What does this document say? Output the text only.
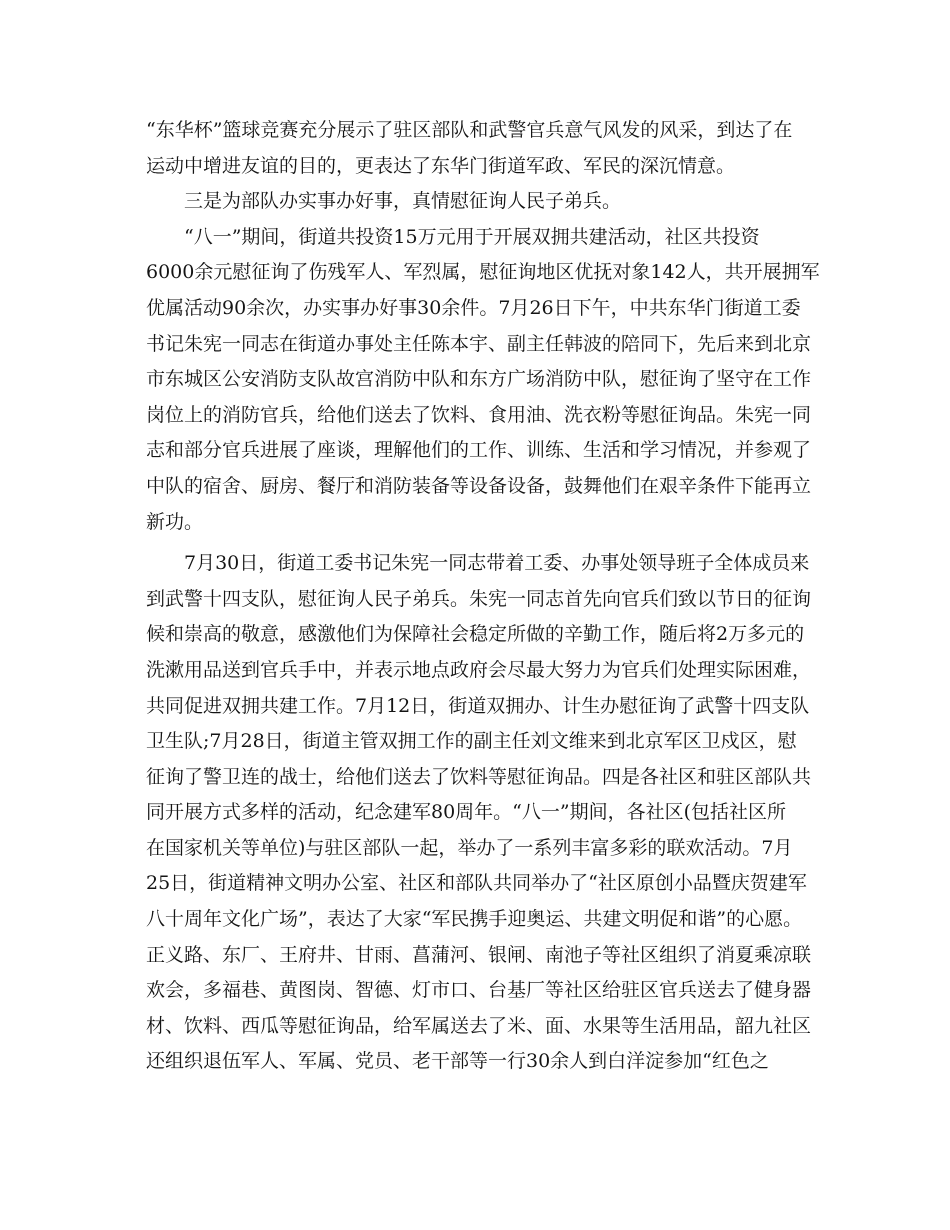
“东华杯”篮球竞赛充分展示了驻区部队和武警官兵意气风发的风采，到达了在
运动中增进友谊的目的，更表达了东华门街道军政、军民的深沉情意。
三是为部队办实事办好事，真情慰征询人民子弟兵。
“八一”期间，街道共投资15万元用于开展双拥共建活动，社区共投资
6000余元慰征询了伤残军人、军烈属，慰征询地区优抚对象142人，共开展拥军
优属活动90余次，办实事办好事30余件。7月26日下午，中共东华门街道工委
书记朱宪一同志在街道办事处主任陈本宇、副主任韩波的陪同下，先后来到北京
市东城区公安消防支队故宫消防中队和东方广场消防中队，慰征询了坚守在工作
岗位上的消防官兵，给他们送去了饮料、食用油、洗衣粉等慰征询品。朱宪一同
志和部分官兵进展了座谈，理解他们的工作、训练、生活和学习情况，并参观了
中队的宿舍、厨房、餐厅和消防装备等设备设备，鼓舞他们在艰辛条件下能再立
新功。
7月30日，街道工委书记朱宪一同志带着工委、办事处领导班子全体成员来
到武警十四支队，慰征询人民子弟兵。朱宪一同志首先向官兵们致以节日的征询
候和崇高的敬意，感激他们为保障社会稳定所做的辛勤工作，随后将2万多元的
洗漱用品送到官兵手中，并表示地点政府会尽最大努力为官兵们处理实际困难，
共同促进双拥共建工作。7月12日，街道双拥办、计生办慰征询了武警十四支队
卫生队;7月28日，街道主管双拥工作的副主任刘文维来到北京军区卫戍区，慰
征询了警卫连的战士，给他们送去了饮料等慰征询品。四是各社区和驻区部队共
同开展方式多样的活动，纪念建军80周年。“八一”期间，各社区(包括社区所
在国家机关等单位)与驻区部队一起，举办了一系列丰富多彩的联欢活动。7月
25日，街道精神文明办公室、社区和部队共同举办了“社区原创小品暨庆贺建军
八十周年文化广场”，表达了大家“军民携手迎奥运、共建文明促和谐”的心愿。
正义路、东厂、王府井、甘雨、菖蒲河、银闸、南池子等社区组织了消夏乘凉联
欢会，多福巷、黄图岗、智德、灯市口、台基厂等社区给驻区官兵送去了健身器
材、饮料、西瓜等慰征询品，给军属送去了米、面、水果等生活用品，韶九社区
还组织退伍军人、军属、党员、老干部等一行30余人到白洋淀参加“红色之
